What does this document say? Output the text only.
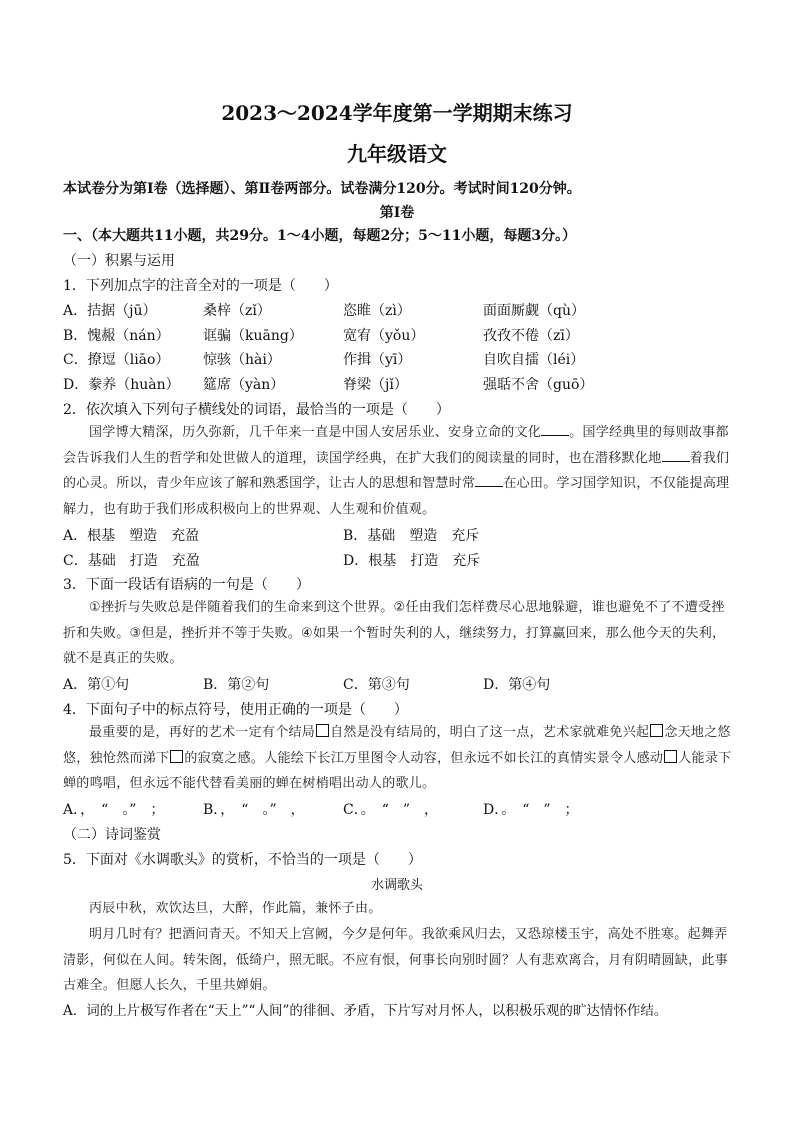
2023～2024学年度第一学期期末练习
九年级语文
本试卷分为第Ⅰ卷（选择题）、第Ⅱ卷两部分。试卷满分120分。考试时间120分钟。
第Ⅰ卷
一、（本大题共11小题，共29分。1～4小题，每题2分；5～11小题，每题3分。）
（一）积累与运用
1．下列加点字的注音全对的一项是（　　）
A．拮据（jū）	桑梓（zǐ）	恣睢（zì）	面面厮觑（qù）
B．愧赧（nán） 诓骗（kuāng）	宽宥（yǒu）	孜孜不倦（zī）
C．撩逗（liāo） 惊骇（hài）	作揖（yī）	自吹自擂（léi）
D．豢养（huàn） 筵席（yàn）	脊梁（jǐ）	强聒不舍（guō）
2．依次填入下列句子横线处的词语，最恰当的一项是（　　）
国学博大精深，历久弥新，几千年来一直是中国人安居乐业、安身立命的文化 。国学经典里的每则故事都会告诉我们人生的哲学和处世做人的道理，读国学经典，在扩大我们的阅读量的同时，也在潜移默化地 着我们的心灵。所以，青少年应该了解和熟悉国学，让古人的思想和智慧时常 在心田。学习国学知识，不仅能提高理解力，也有助于我们形成积极向上的世界观、人生观和价值观。
A．根基　塑造　充盈	B．基础　塑造　充斥
C．基础　打造　充盈	D．根基　打造　充斥
3．下面一段话有语病的一句是（　　）
①挫折与失败总是伴随着我们的生命来到这个世界。②任由我们怎样费尽心思地躲避，谁也避免不了不遭受挫折和失败。③但是，挫折并不等于失败。④如果一个暂时失利的人，继续努力，打算赢回来，那么他今天的失利，就不是真正的失败。
A．第①句	B．第②句	C．第③句	D．第④句
4．下面句子中的标点符号，使用正确的一项是（　　）
最重要的是，再好的艺术一定有个结局 自然是没有结局的，明白了这一点，艺术家就难免兴起 念天地之悠悠，独怆然而涕下 的寂寞之感。人能绘下长江万里图令人动容，但永远不如长江的真情实景令人感动 人能录下蝉的鸣唱，但永远不能代替看美丽的蝉在树梢唱出动人的歌儿。
A．，　“　。”　；	B．，　“　。”　，	C．。　“　”　，	D．。　“　”　；
（二）诗词鉴赏
5．下面对《水调歌头》的赏析，不恰当的一项是（　　）
水调歌头
丙辰中秋，欢饮达旦，大醉，作此篇，兼怀子由。
明月几时有？把酒问青天。不知天上宫阙，今夕是何年。我欲乘风归去，又恐琼楼玉宇，高处不胜寒。起舞弄清影，何似在人间。转朱阁，低绮户，照无眠。不应有恨，何事长向别时圆？人有悲欢离合，月有阴晴圆缺，此事古难全。但愿人长久，千里共婵娟。
A．词的上片极写作者在“天上”“人间”的徘徊、矛盾，下片写对月怀人，以积极乐观的旷达情怀作结。
